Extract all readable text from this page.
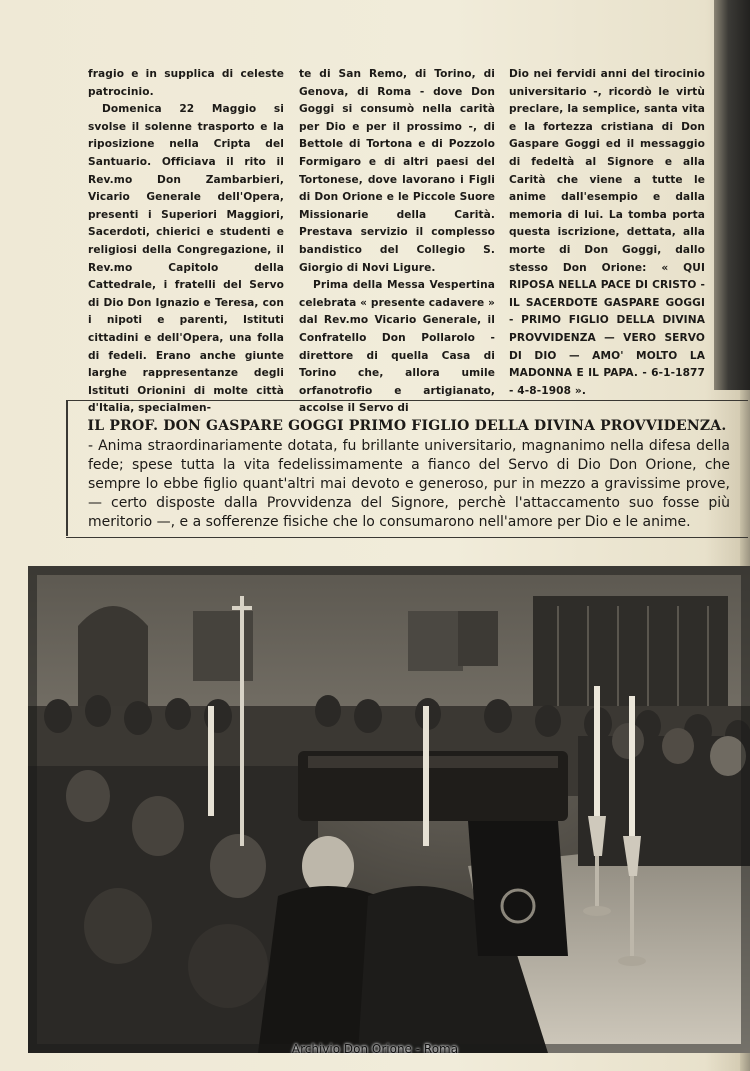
fragio e in supplica di celeste patrocinio.

Domenica 22 Maggio si svolse il solenne trasporto e la riposizione nella Cripta del Santuario. Officiava il rito il Rev.mo Don Zambarbieri, Vicario Generale dell'Opera, presenti i Superiori Maggiori, Sacerdoti, chierici e studenti e religiosi della Congregazione, il Rev.mo Capitolo della Cattedrale, i fratelli del Servo di Dio Don Ignazio e Teresa, con i nipoti e parenti, Istituti cittadini e dell'Opera, una folla di fedeli. Erano anche giunte larghe rappresentanze degli Istituti Orionini di molte città d'Italia, specialmen-

te di San Remo, di Torino, di Genova, di Roma - dove Don Goggi si consumò nella carità per Dio e per il prossimo -, di Bettole di Tortona e di Pozzolo Formigaro e di altri paesi del Tortonese, dove lavorano i Figli di Don Orione e le Piccole Suore Missionarie della Carità. Prestava servizio il complesso bandistico del Collegio S. Giorgio di Novi Ligure.

Prima della Messa Vespertina celebrata « presente cadavere » dal Rev.mo Vicario Generale, il Confratello Don Pollarolo - direttore di quella Casa di Torino che, allora umile orfanotrofio e artigianato, accolse il Servo di

Dio nei fervidi anni del tirocinio universitario -, ricordò le virtù preclare, la semplice, santa vita e la fortezza cristiana di Don Gaspare Goggi ed il messaggio di fedeltà al Signore e alla Carità che viene a tutte le anime dall'esempio e dalla memoria di lui. La tomba porta questa iscrizione, dettata, alla morte di Don Goggi, dallo stesso Don Orione: « QUI RIPOSA NELLA PACE DI CRISTO - IL SACERDOTE GASPARE GOGGI - PRIMO FIGLIO DELLA DIVINA PROVVIDENZA — VERO SERVO DI DIO — AMO' MOLTO LA MADONNA E IL PAPA. - 6-1-1877 - 4-8-1908 ».

IL PROF. DON GASPARE GOGGI PRIMO FIGLIO DELLA DIVINA PROVVIDENZA.
- Anima straordinariamente dotata, fu brillante universitario, magnanimo nella difesa della fede; spese tutta la vita fedelissimamente a fianco del Servo di Dio Don Orione, che sempre lo ebbe figlio quant'altri mai devoto e generoso, pur in mezzo a gravissime prove, — certo disposte dalla Provvidenza del Signore, perchè l'attaccamento suo fosse più meritorio —, e a sofferenze fisiche che lo consumarono nell'amore per Dio e le anime.
Archivio Don Orione - Roma
